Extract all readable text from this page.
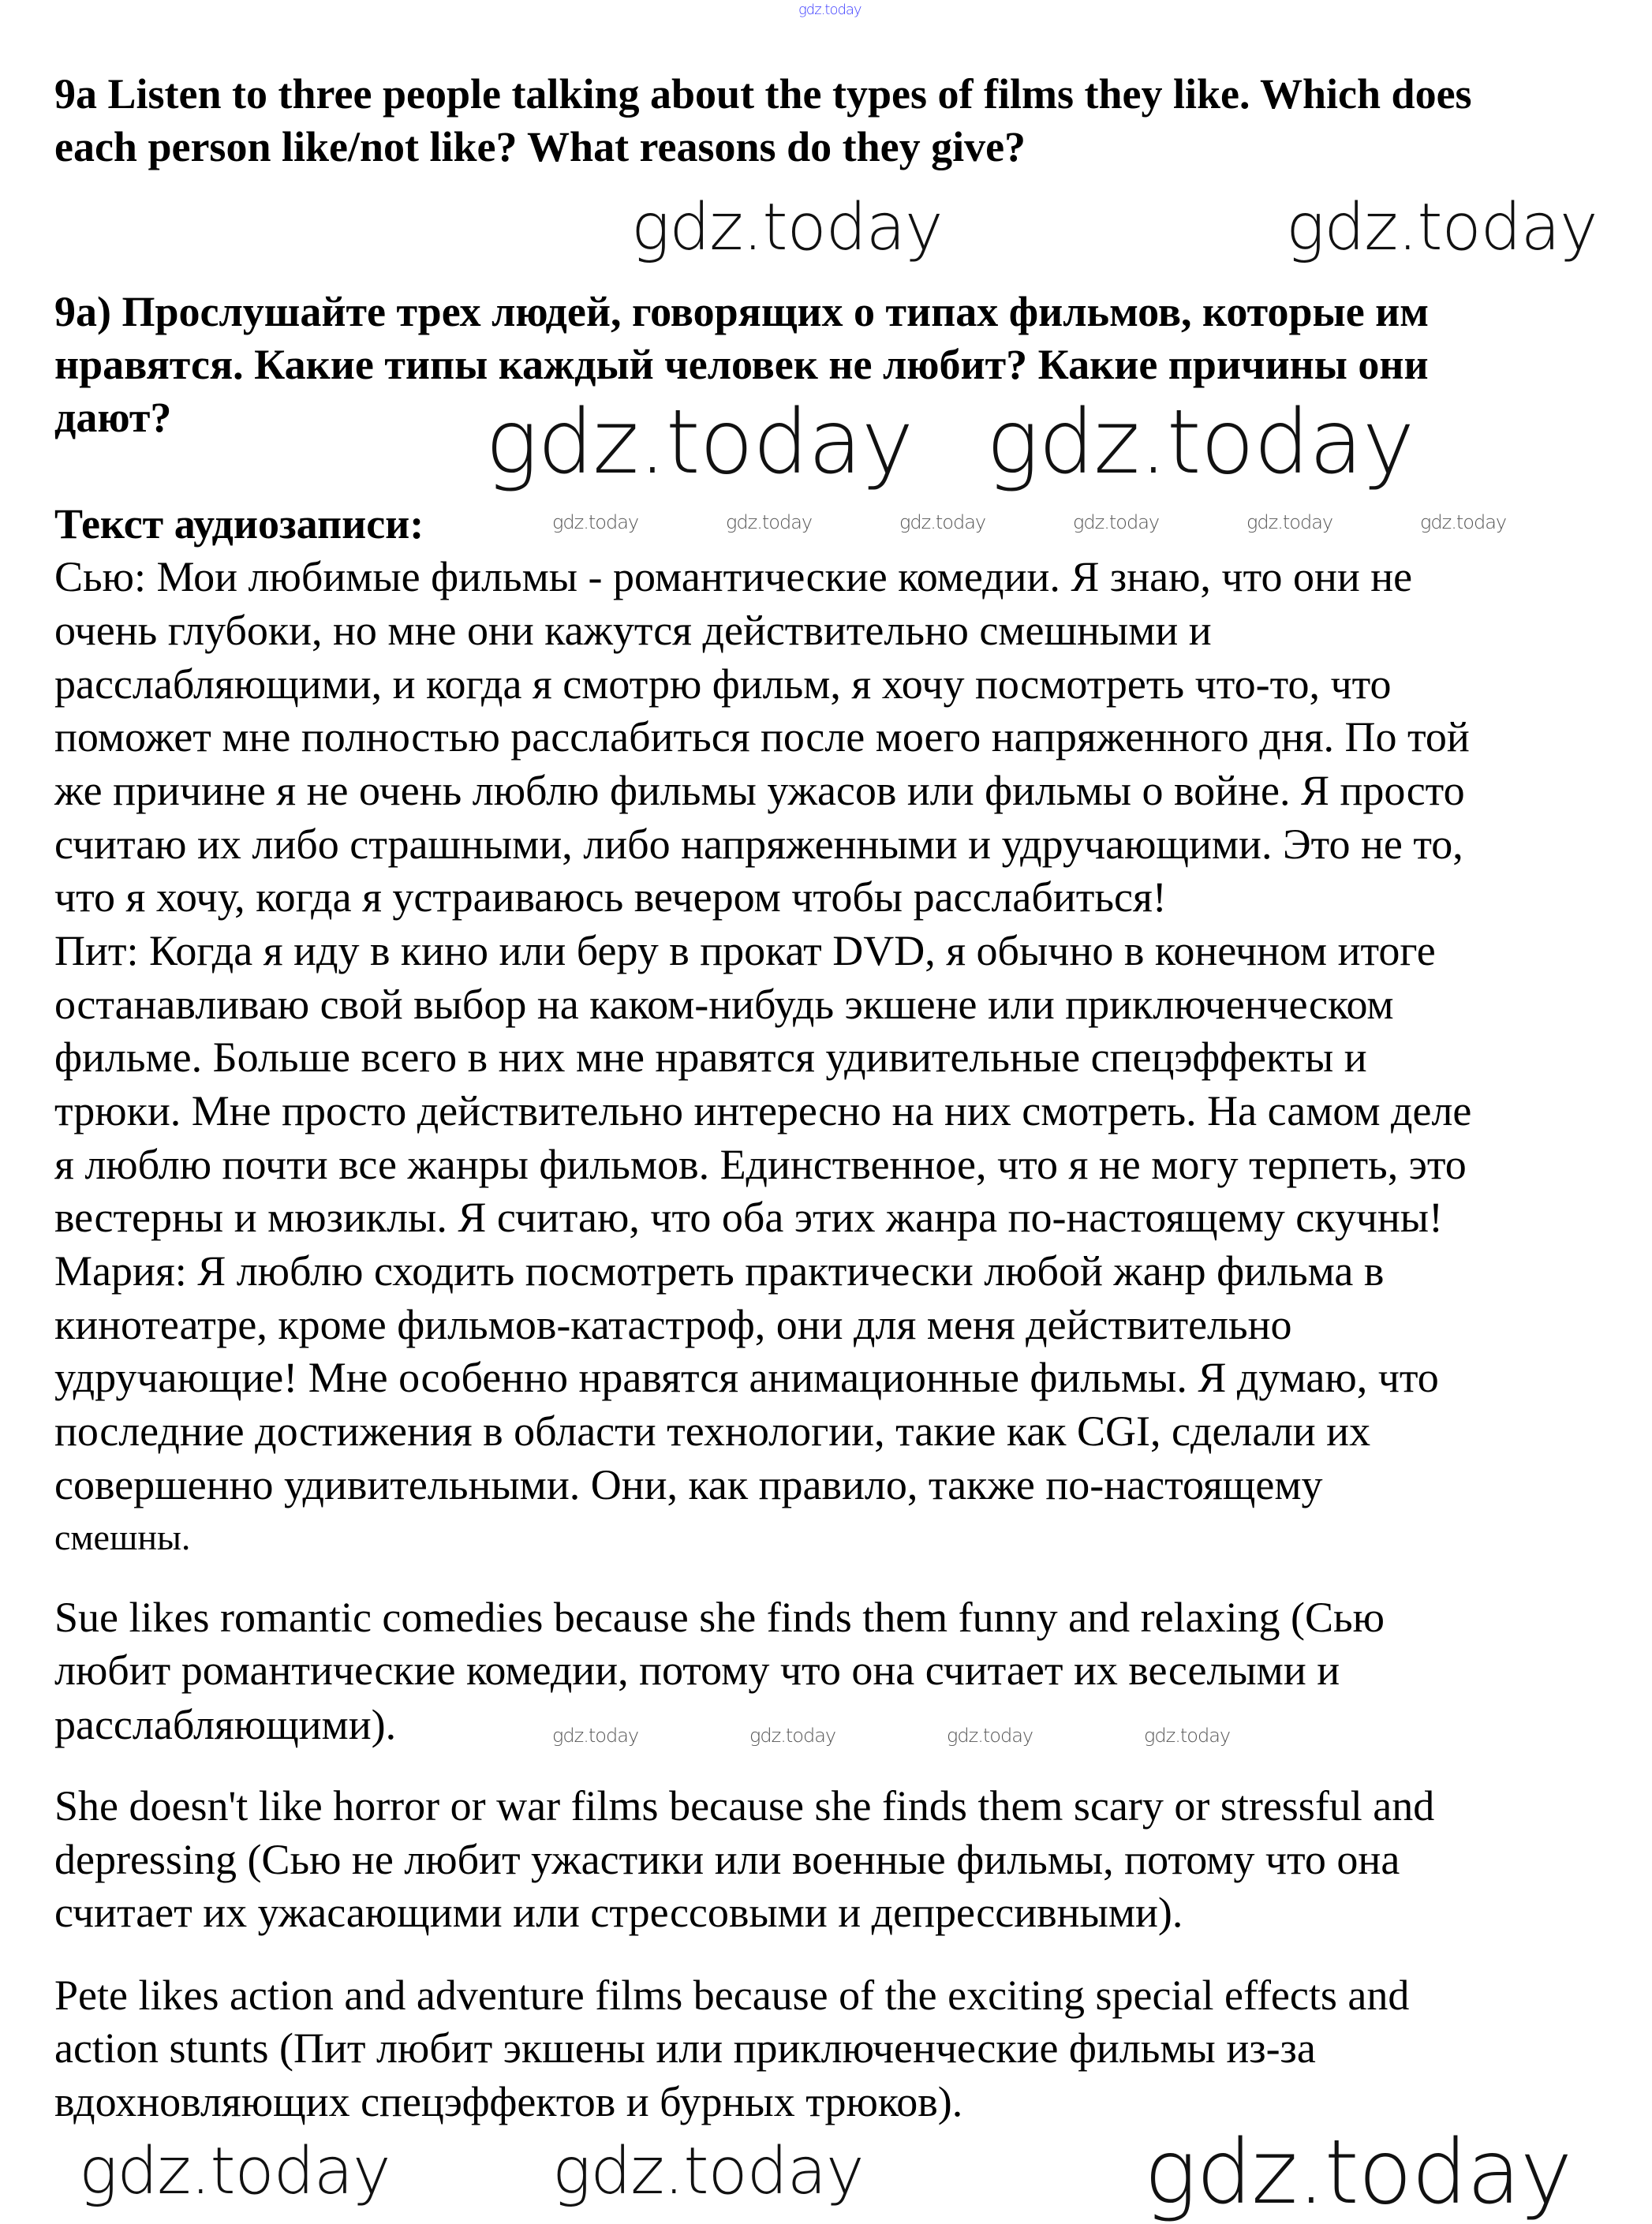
gdz.today
9a Listen to three people talking about the types of films they like. Which does
each person like/not like? What reasons do they give?
gdz.today	gdz.today
9a) Прослушайте трех людей, говорящих о типах фильмов, которые им
нравятся. Какие типы каждый человек не любит? Какие причины они
дают?	gdz.today gdz.today
Текст аудиозаписи:	gdz.today	gdz.today	gdz.today	gdz.today	gdz.today	gdz.today
Сью: Мои любимые фильмы - романтические комедии. Я знаю, что они не
очень глубоки, но мне они кажутся действительно смешными и
расслабляющими, и когда я смотрю фильм, я хочу посмотреть что-то, что
поможет мне полностью расслабиться после моего напряженного дня. По той
же причине я не очень люблю фильмы ужасов или фильмы о войне. Я просто
считаю их либо страшными, либо напряженными и удручающими. Это не то,
что я хочу, когда я устраиваюсь вечером чтобы расслабиться!
Пит: Когда я иду в кино или беру в прокат DVD, я обычно в конечном итоге
останавливаю свой выбор на каком-нибудь экшене или приключенческом
фильме. Больше всего в них мне нравятся удивительные спецэффекты и
трюки. Мне просто действительно интересно на них смотреть. На самом деле
я люблю почти все жанры фильмов. Единственное, что я не могу терпеть, это
вестерны и мюзиклы. Я считаю, что оба этих жанра по-настоящему скучны!
Мария: Я люблю сходить посмотреть практически любой жанр фильма в
кинотеатре, кроме фильмов-катастроф, они для меня действительно
удручающие! Мне особенно нравятся анимационные фильмы. Я думаю, что
последние достижения в области технологии, такие как CGI, сделали их
совершенно удивительными. Они, как правило, также по-настоящему
смешны.
Sue likes romantic comedies because she finds them funny and relaxing (Сью
любит романтические комедии, потому что она считает их веселыми и
расслабляющими).	gdz.today	gdz.today	gdz.today	gdz.today
She doesn't like horror or war films because she finds them scary or stressful and
depressing (Сью не любит ужастики или военные фильмы, потому что она
считает их ужасающими или стрессовыми и депрессивными).
Pete likes action and adventure films because of the exciting special effects and
action stunts (Пит любит экшены или приключенческие фильмы из-за
вдохновляющих спецэффектов и бурных трюков).
gdz.today	gdz.today	gdz.today
